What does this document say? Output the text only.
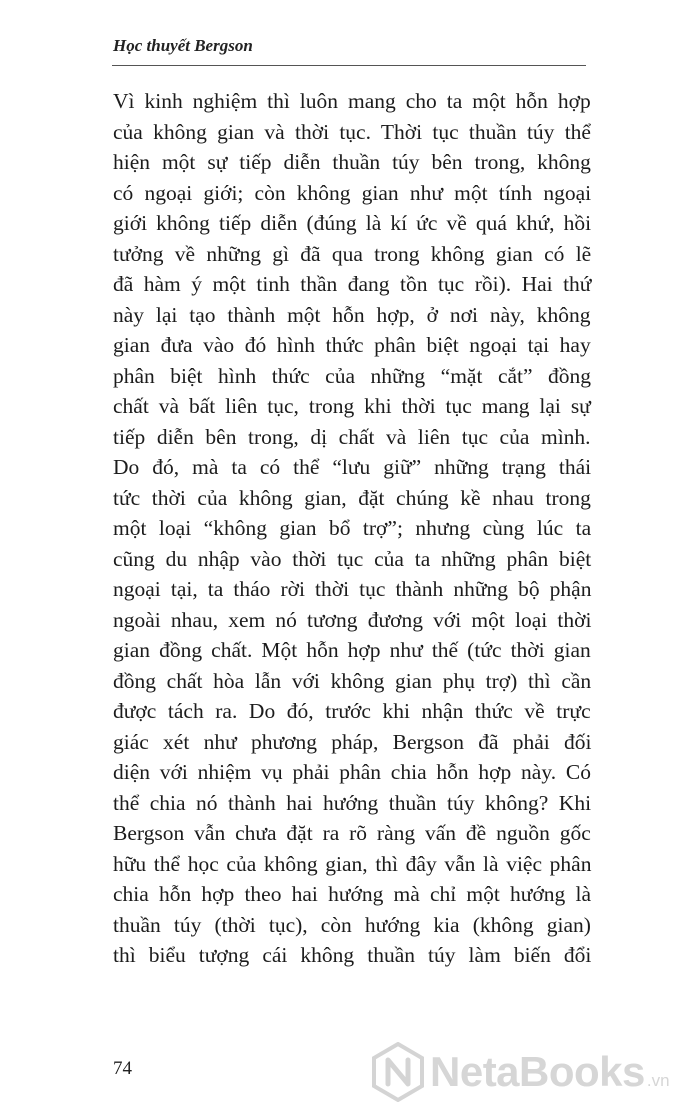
Học thuyết Bergson
Vì kinh nghiệm thì luôn mang cho ta một hỗn hợp
của không gian và thời tục. Thời tục thuần túy thể
hiện một sự tiếp diễn thuần túy bên trong, không
có ngoại giới; còn không gian như một tính ngoại
giới không tiếp diễn (đúng là kí ức về quá khứ, hồi
tưởng về những gì đã qua trong không gian có lẽ
đã hàm ý một tinh thần đang tồn tục rồi). Hai thứ
này lại tạo thành một hỗn hợp, ở nơi này, không
gian đưa vào đó hình thức phân biệt ngoại tại hay
phân biệt hình thức của những “mặt cắt” đồng
chất và bất liên tục, trong khi thời tục mang lại sự
tiếp diễn bên trong, dị chất và liên tục của mình.
Do đó, mà ta có thể “lưu giữ” những trạng thái
tức thời của không gian, đặt chúng kề nhau trong
một loại “không gian bổ trợ”; nhưng cùng lúc ta
cũng du nhập vào thời tục của ta những phân biệt
ngoại tại, ta tháo rời thời tục thành những bộ phận
ngoài nhau, xem nó tương đương với một loại thời
gian đồng chất. Một hỗn hợp như thế (tức thời gian
đồng chất hòa lẫn với không gian phụ trợ) thì cần
được tách ra. Do đó, trước khi nhận thức về trực
giác xét như phương pháp, Bergson đã phải đối
diện với nhiệm vụ phải phân chia hỗn hợp này. Có
thể chia nó thành hai hướng thuần túy không? Khi
Bergson vẫn chưa đặt ra rõ ràng vấn đề nguồn gốc
hữu thể học của không gian, thì đây vẫn là việc phân
chia hỗn hợp theo hai hướng mà chỉ một hướng là
thuần túy (thời tục), còn hướng kia (không gian)
thì biểu tượng cái không thuần túy làm biến đổi
74	NetaBooks .vn
